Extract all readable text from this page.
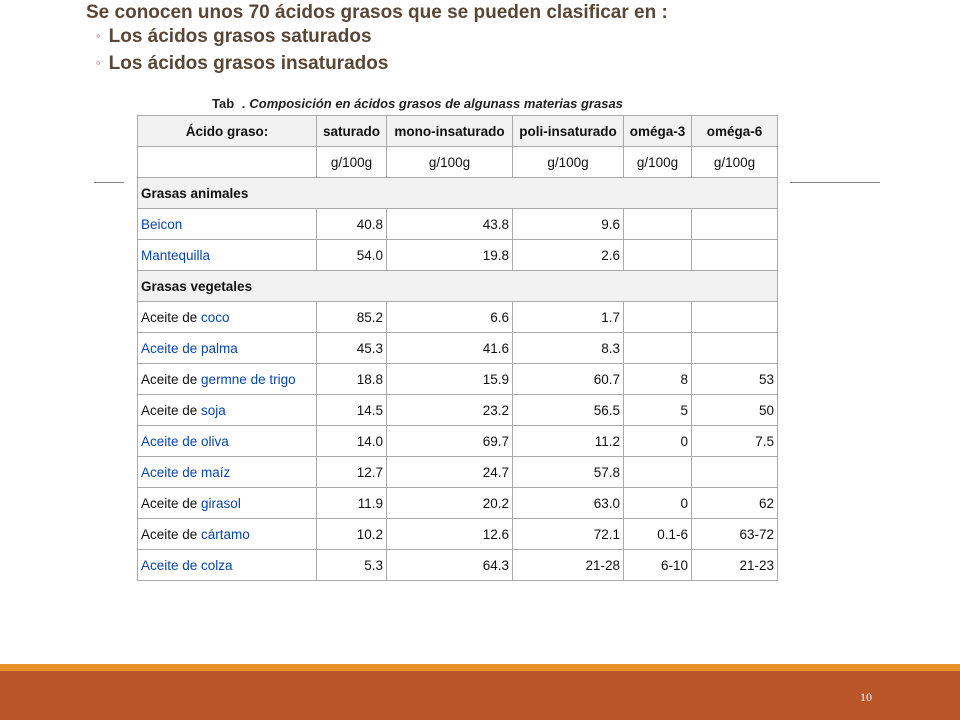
Se conocen unos 70 ácidos grasos que se pueden clasificar en :
◦ Los ácidos grasos saturados
◦ Los ácidos grasos insaturados
Tab . Composición en ácidos grasos de algunass materias grasas
Ácido graso:	saturado	mono-insaturado	poli-insaturado	oméga-3	oméga-6
	g/100g	g/100g	g/100g	g/100g	g/100g
Grasas animales					
Beicon	40.8	43.8	9.6		
Mantequilla	54.0	19.8	2.6		
Grasas vegetales					
Aceite de coco	85.2	6.6	1.7		
Aceite de palma	45.3	41.6	8.3		
Aceite de germne de trigo	18.8	15.9	60.7	8	53
Aceite de soja	14.5	23.2	56.5	5	50
Aceite de oliva	14.0	69.7	11.2	0	7.5
Aceite de maíz	12.7	24.7	57.8		
Aceite de girasol	11.9	20.2	63.0	0	62
Aceite de cártamo	10.2	12.6	72.1	0.1-6	63-72
Aceite de colza	5.3	64.3	21-28	6-10	21-23
10
